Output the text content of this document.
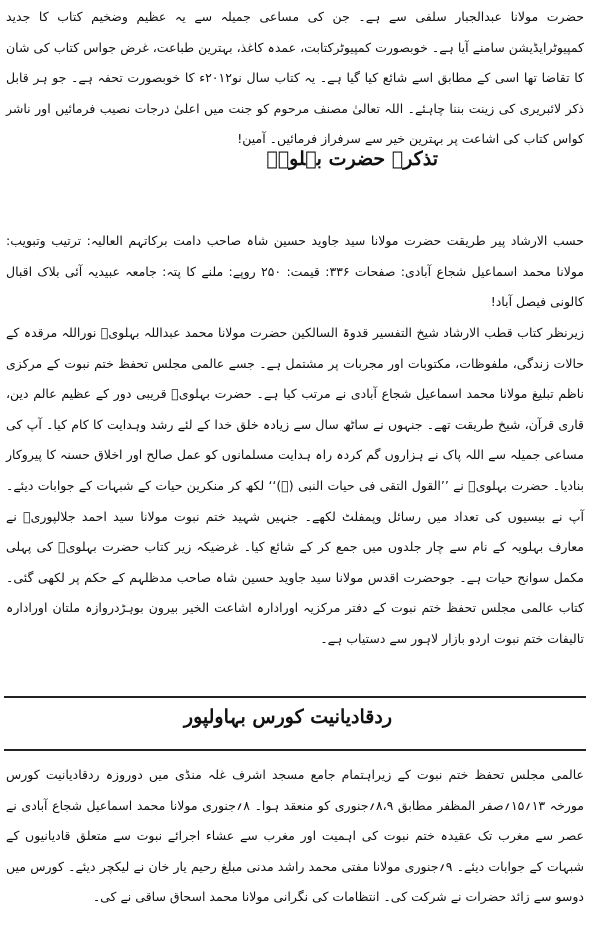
حضرت مولانا عبدالجبار سلفی سے ہے۔ جن کی مساعی جمیلہ سے یہ عظیم وضخیم کتاب کا جدید کمپیوٹرایڈیشن سامنے آیا ہے۔ خوبصورت کمپیوٹرکتابت، عمدہ کاغذ، بہترین طباعت، غرض جواس کتاب کی شان کا تقاضا تھا اسی کے مطابق اسے شائع کیا گیا ہے۔ یہ کتاب سال نو۲۰۱۲ء کا خوبصورت تحفہ ہے۔ جو ہر قابل ذکر لائبریری کی زینت بننا چاہئے۔ اللہ تعالیٰ مصنف مرحوم کو جنت میں اعلیٰ درجات نصیب فرمائیں اور ناشر کواس کتاب کی اشاعت پر بہترین خیر سے سرفراز فرمائیں۔ آمین!

تذکرہ حضرت بہلویؒ

حسب الارشاد پیر طریقت حضرت مولانا سید جاوید حسین شاہ صاحب دامت برکاتہم العالیہ: ترتیب وتبویب: مولانا محمد اسماعیل شجاع آبادی: صفحات ۳۳۶: قیمت: ۲۵۰ روپے: ملنے کا پتہ: جامعہ عبیدیہ آئی بلاک اقبال کالونی فیصل آباد!

زیرنظر کتاب قطب الارشاد شیخ التفسیر قدوۃ السالکین حضرت مولانا محمد عبداللہ بہلویؒ نوراللہ مرقدہ کے حالات زندگی، ملفوظات، مکتوبات اور مجربات پر مشتمل ہے۔ جسے عالمی مجلس تحفظ ختم نبوت کے مرکزی ناظم تبلیغ مولانا محمد اسماعیل شجاع آبادی نے مرتب کیا ہے۔ حضرت بہلویؒ قریبی دور کے عظیم عالم دین، قاری قرآن، شیخ طریقت تھے۔ جنہوں نے ساٹھ سال سے زیادہ خلق خدا کے لئے رشد وہدایت کا کام کیا۔ آپ کی مساعی جمیلہ سے اللہ پاک نے ہزاروں گم کردہ راہ ہدایت مسلمانوں کو عمل صالح اور اخلاق حسنہ کا پیروکار بنادیا۔ حضرت بہلویؒ نے ’’القول التقی فی حیات النبی (ﷺ)‘‘ لکھ کر منکرین حیات کے شبہات کے جوابات دیئے۔ آپ نے بیسیوں کی تعداد میں رسائل وپمفلٹ لکھے۔ جنہیں شہید ختم نبوت مولانا سید احمد جلالپوریؒ نے معارف بہلویہ کے نام سے چار جلدوں میں جمع کر کے شائع کیا۔ غرضیکہ زیر کتاب حضرت بہلویؒ کی پہلی مکمل سوانح حیات ہے۔ جوحضرت اقدس مولانا سید جاوید حسین شاہ صاحب مدظلہم کے حکم پر لکھی گئی۔ کتاب عالمی مجلس تحفظ ختم نبوت کے دفتر مرکزیہ اورادارہ اشاعت الخیر بیرون بوہڑدروازہ ملتان اورادارہ تالیفات ختم نبوت اردو بازار لاہور سے دستیاب ہے۔

ردقادیانیت کورس بہاولپور

عالمی مجلس تحفظ ختم نبوت کے زیراہتمام جامع مسجد اشرف غلہ منڈی میں دوروزہ ردقادیانیت کورس مورخہ ۱۳؍۱۵؍صفر المظفر مطابق ۸،۹؍جنوری کو منعقد ہوا۔ ۸؍جنوری مولانا محمد اسماعیل شجاع آبادی نے عصر سے مغرب تک عقیدہ ختم نبوت کی اہمیت اور مغرب سے عشاء اجرائے نبوت سے متعلق قادیانیوں کے شبہات کے جوابات دیئے۔ ۹؍جنوری مولانا مفتی محمد راشد مدنی مبلغ رحیم یار خان نے لیکچر دیئے۔ کورس میں دوسو سے زائد حضرات نے شرکت کی۔ انتظامات کی نگرانی مولانا محمد اسحاق ساقی نے کی۔
